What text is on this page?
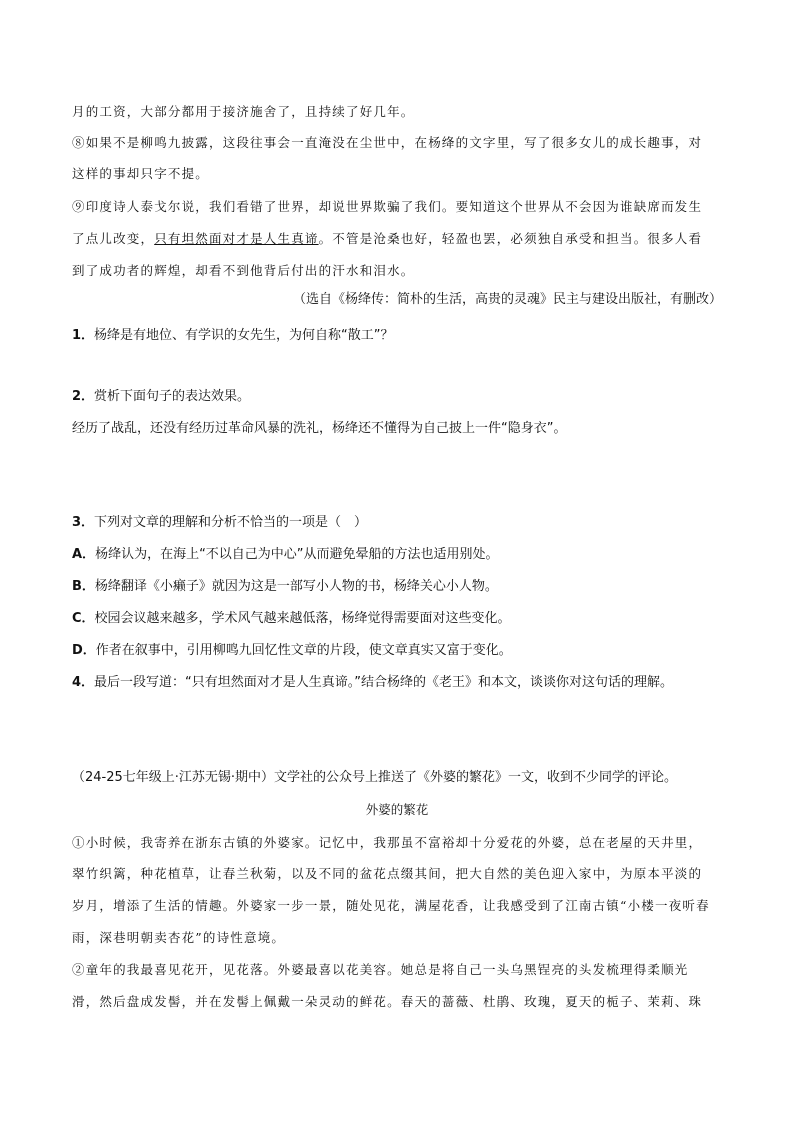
月的工资，大部分都用于接济施舍了，且持续了好几年。
⑧如果不是柳鸣九披露，这段往事会一直淹没在尘世中，在杨绛的文字里，写了很多女儿的成长趣事，对
这样的事却只字不提。
⑨印度诗人泰戈尔说，我们看错了世界，却说世界欺骗了我们。要知道这个世界从不会因为谁缺席而发生
了点儿改变，只有坦然面对才是人生真谛。不管是沧桑也好，轻盈也罢，必须独自承受和担当。很多人看
到了成功者的辉煌，却看不到他背后付出的汗水和泪水。
（选自《杨绛传：简朴的生活，高贵的灵魂》民主与建设出版社，有删改）
1．杨绛是有地位、有学识的女先生，为何自称“散工”？
2．赏析下面句子的表达效果。
经历了战乱，还没有经历过革命风暴的洗礼，杨绛还不懂得为自己披上一件“隐身衣”。
3．下列对文章的理解和分析不恰当的一项是（　）
A．杨绛认为，在海上“不以自己为中心”从而避免晕船的方法也适用别处。
B．杨绛翻译《小癞子》就因为这是一部写小人物的书，杨绛关心小人物。
C．校园会议越来越多，学术风气越来越低落，杨绛觉得需要面对这些变化。
D．作者在叙事中，引用柳鸣九回忆性文章的片段，使文章真实又富于变化。
4．最后一段写道：“只有坦然面对才是人生真谛。”结合杨绛的《老王》和本文，谈谈你对这句话的理解。
（24-25七年级上·江苏无锡·期中）文学社的公众号上推送了《外婆的繁花》一文，收到不少同学的评论。
外婆的繁花
①小时候，我寄养在浙东古镇的外婆家。记忆中，我那虽不富裕却十分爱花的外婆，总在老屋的天井里，
翠竹织篱，种花植草，让春兰秋菊，以及不同的盆花点缀其间，把大自然的美色迎入家中，为原本平淡的
岁月，增添了生活的情趣。外婆家一步一景，随处见花，满屋花香，让我感受到了江南古镇“小楼一夜听春
雨，深巷明朝卖杏花”的诗性意境。
②童年的我最喜见花开，见花落。外婆最喜以花美容。她总是将自己一头乌黑锃亮的头发梳理得柔顺光
滑，然后盘成发髻，并在发髻上佩戴一朵灵动的鲜花。春天的蔷薇、杜鹃、玫瑰，夏天的栀子、茉莉、珠
